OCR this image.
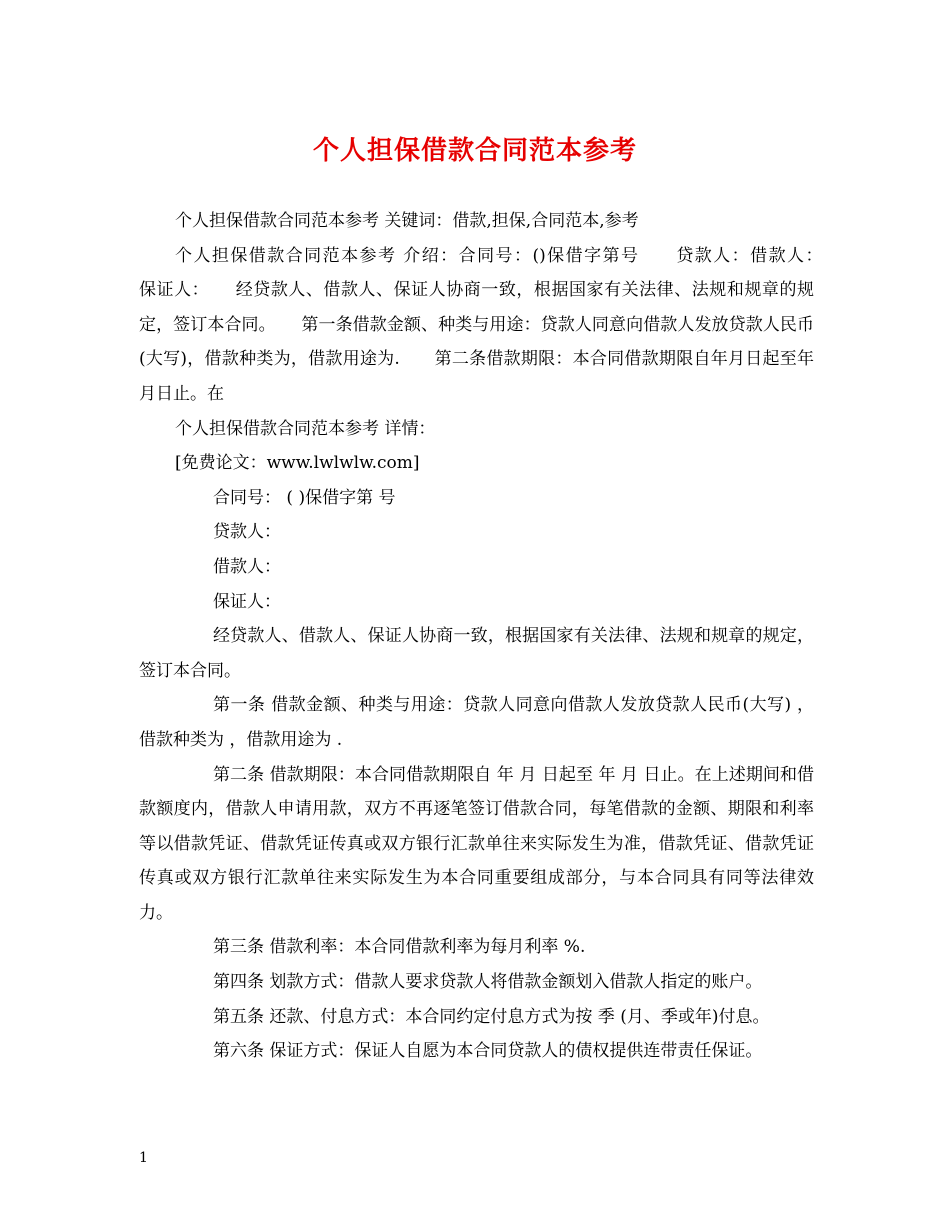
个人担保借款合同范本参考

个人担保借款合同范本参考 关键词：借款,担保,合同范本,参考

个人担保借款合同范本参考 介绍：合同号：()保借字第号　　贷款人：借款人：　　保证人：　　经贷款人、借款人、保证人协商一致，根据国家有关法律、法规和规章的规定，签订本合同。　　第一条借款金额、种类与用途：贷款人同意向借款人发放贷款人民币(大写)，借款种类为，借款用途为.　　第二条借款期限：本合同借款期限自年月日起至年月日止。在

个人担保借款合同范本参考 详情：

[免费论文：www.lwlwlw.com]

合同号： ( )保借字第 号

贷款人：

借款人：

保证人：

经贷款人、借款人、保证人协商一致，根据国家有关法律、法规和规章的规定，签订本合同。

第一条 借款金额、种类与用途：贷款人同意向借款人发放贷款人民币(大写) ，借款种类为 ，借款用途为 .

第二条 借款期限：本合同借款期限自 年 月 日起至 年 月 日止。在上述期间和借款额度内，借款人申请用款，双方不再逐笔签订借款合同，每笔借款的金额、期限和利率等以借款凭证、借款凭证传真或双方银行汇款单往来实际发生为准，借款凭证、借款凭证传真或双方银行汇款单往来实际发生为本合同重要组成部分，与本合同具有同等法律效力。

第三条 借款利率：本合同借款利率为每月利率 %.

第四条 划款方式：借款人要求贷款人将借款金额划入借款人指定的账户。

第五条 还款、付息方式：本合同约定付息方式为按 季 (月、季或年)付息。

第六条 保证方式：保证人自愿为本合同贷款人的债权提供连带责任保证。

1
